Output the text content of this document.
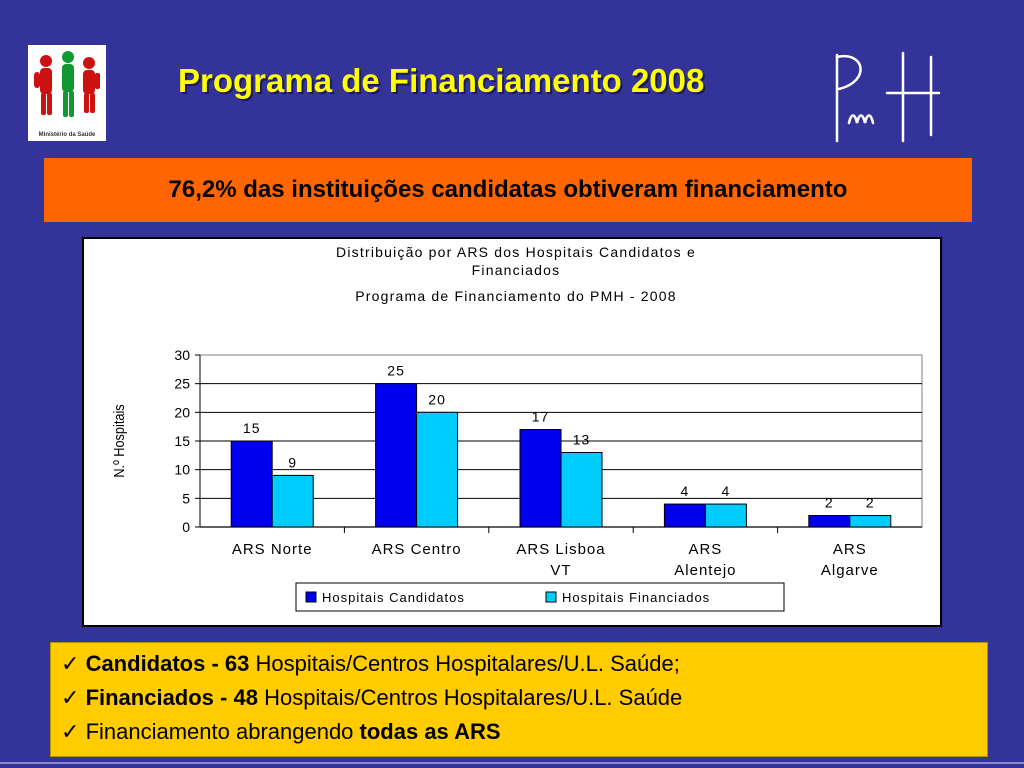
Ministério da Saúde
Programa de Financiamento 2008
76,2% das instituições candidatas obtiveram financiamento
Distribuição por ARS dos Hospitais Candidatos e
Financiados
Programa de Financiamento do PMH - 2008
0
5
10
15
20
25
30
N.º Hospitais	15
25
17
4
2
9
20
13
4
2
ARS Norte	ARS Centro	ARS Lisboa
VT
ARS
Alentejo
ARS
Algarve
Hospitais Candidatos	Hospitais Financiados
✓ Candidatos - 63 Hospitais/Centros Hospitalares/U.L. Saúde;
✓ Financiados - 48 Hospitais/Centros Hospitalares/U.L. Saúde
✓ Financiamento abrangendo todas as ARS
